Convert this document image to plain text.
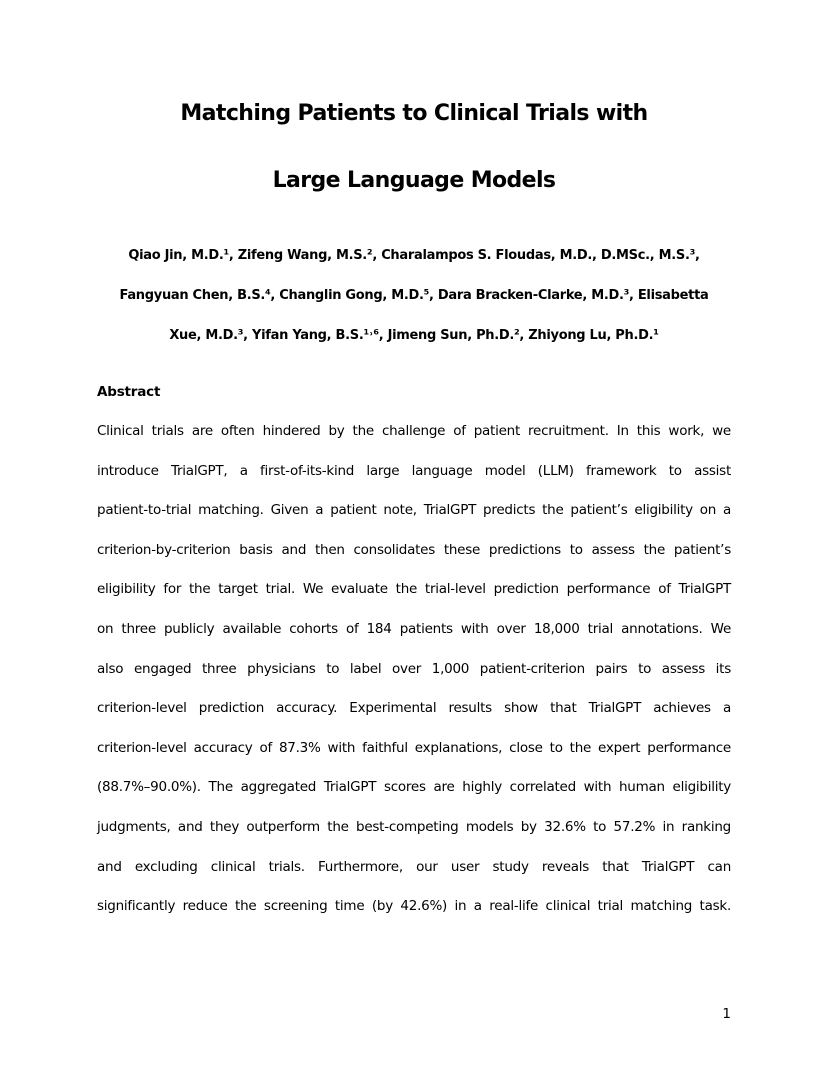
Matching Patients to Clinical Trials with
Large Language Models
Qiao Jin, M.D.¹, Zifeng Wang, M.S.², Charalampos S. Floudas, M.D., D.MSc., M.S.³,
Fangyuan Chen, B.S.⁴, Changlin Gong, M.D.⁵, Dara Bracken-Clarke, M.D.³, Elisabetta
Xue, M.D.³, Yifan Yang, B.S.¹˒⁶, Jimeng Sun, Ph.D.², Zhiyong Lu, Ph.D.¹
Abstract
Clinical trials are often hindered by the challenge of patient recruitment. In this work, we
introduce TrialGPT, a first-of-its-kind large language model (LLM) framework to assist
patient-to-trial matching. Given a patient note, TrialGPT predicts the patient’s eligibility on a
criterion-by-criterion basis and then consolidates these predictions to assess the patient’s
eligibility for the target trial. We evaluate the trial-level prediction performance of TrialGPT
on three publicly available cohorts of 184 patients with over 18,000 trial annotations. We
also engaged three physicians to label over 1,000 patient-criterion pairs to assess its
criterion-level prediction accuracy. Experimental results show that TrialGPT achieves a
criterion-level accuracy of 87.3% with faithful explanations, close to the expert performance
(88.7%–90.0%). The aggregated TrialGPT scores are highly correlated with human eligibility
judgments, and they outperform the best-competing models by 32.6% to 57.2% in ranking
and excluding clinical trials. Furthermore, our user study reveals that TrialGPT can
significantly reduce the screening time (by 42.6%) in a real-life clinical trial matching task.
1
